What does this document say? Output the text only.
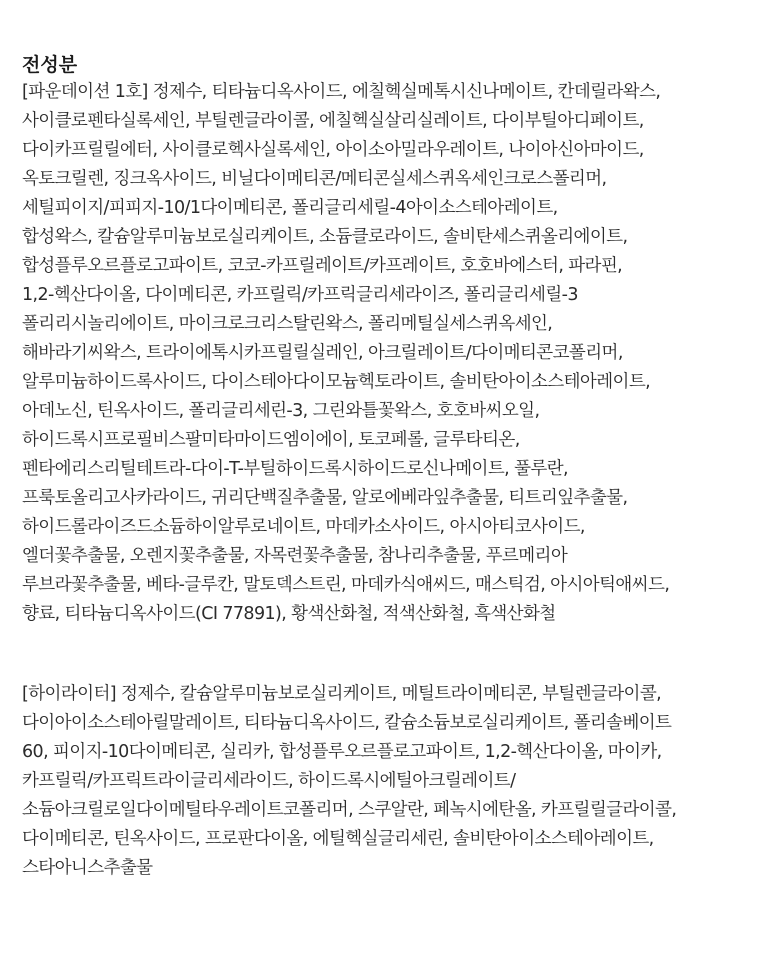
전성분
[파운데이션 1호] 정제수, 티타늄디옥사이드, 에칠헥실메톡시신나메이트, 칸데릴라왁스,
사이클로펜타실록세인, 부틸렌글라이콜, 에칠헥실살리실레이트, 다이부틸아디페이트,
다이카프릴릴에터, 사이클로헥사실록세인, 아이소아밀라우레이트, 나이아신아마이드,
옥토크릴렌, 징크옥사이드, 비닐다이메티콘/메티콘실세스퀴옥세인크로스폴리머,
세틸피이지/피피지-10/1다이메티콘, 폴리글리세릴-4아이소스테아레이트,
합성왁스, 칼슘알루미늄보로실리케이트, 소듐클로라이드, 솔비탄세스퀴올리에이트,
합성플루오르플로고파이트, 코코-카프릴레이트/카프레이트, 호호바에스터, 파라핀,
1,2-헥산다이올, 다이메티콘, 카프릴릭/카프릭글리세라이즈, 폴리글리세릴-3
폴리리시놀리에이트, 마이크로크리스탈린왁스, 폴리메틸실세스퀴옥세인,
해바라기씨왁스, 트라이에톡시카프릴릴실레인, 아크릴레이트/다이메티콘코폴리머,
알루미늄하이드록사이드, 다이스테아다이모늄헥토라이트, 솔비탄아이소스테아레이트,
아데노신, 틴옥사이드, 폴리글리세린-3, 그린와틀꽃왁스, 호호바씨오일,
하이드록시프로필비스팔미타마이드엠이에이, 토코페롤, 글루타티온,
펜타에리스리틸테트라-다이-T-부틸하이드록시하이드로신나메이트, 풀루란,
프룩토올리고사카라이드, 귀리단백질추출물, 알로에베라잎추출물, 티트리잎추출물,
하이드롤라이즈드소듐하이알루로네이트, 마데카소사이드, 아시아티코사이드,
엘더꽃추출물, 오렌지꽃추출물, 자목련꽃추출물, 참나리추출물, 푸르메리아
루브라꽃추출물, 베타-글루칸, 말토덱스트린, 마데카식애씨드, 매스틱검, 아시아틱애씨드,
향료, 티타늄디옥사이드(CI 77891), 황색산화철, 적색산화철, 흑색산화철
[하이라이터] 정제수, 칼슘알루미늄보로실리케이트, 메틸트라이메티콘, 부틸렌글라이콜,
다이아이소스테아릴말레이트, 티타늄디옥사이드, 칼슘소듐보로실리케이트, 폴리솔베이트
60, 피이지-10다이메티콘, 실리카, 합성플루오르플로고파이트, 1,2-헥산다이올, 마이카,
카프릴릭/카프릭트라이글리세라이드, 하이드록시에틸아크릴레이트/
소듐아크릴로일다이메틸타우레이트코폴리머, 스쿠알란, 페녹시에탄올, 카프릴릴글라이콜,
다이메티콘, 틴옥사이드, 프로판다이올, 에틸헥실글리세린, 솔비탄아이소스테아레이트,
스타아니스추출물
